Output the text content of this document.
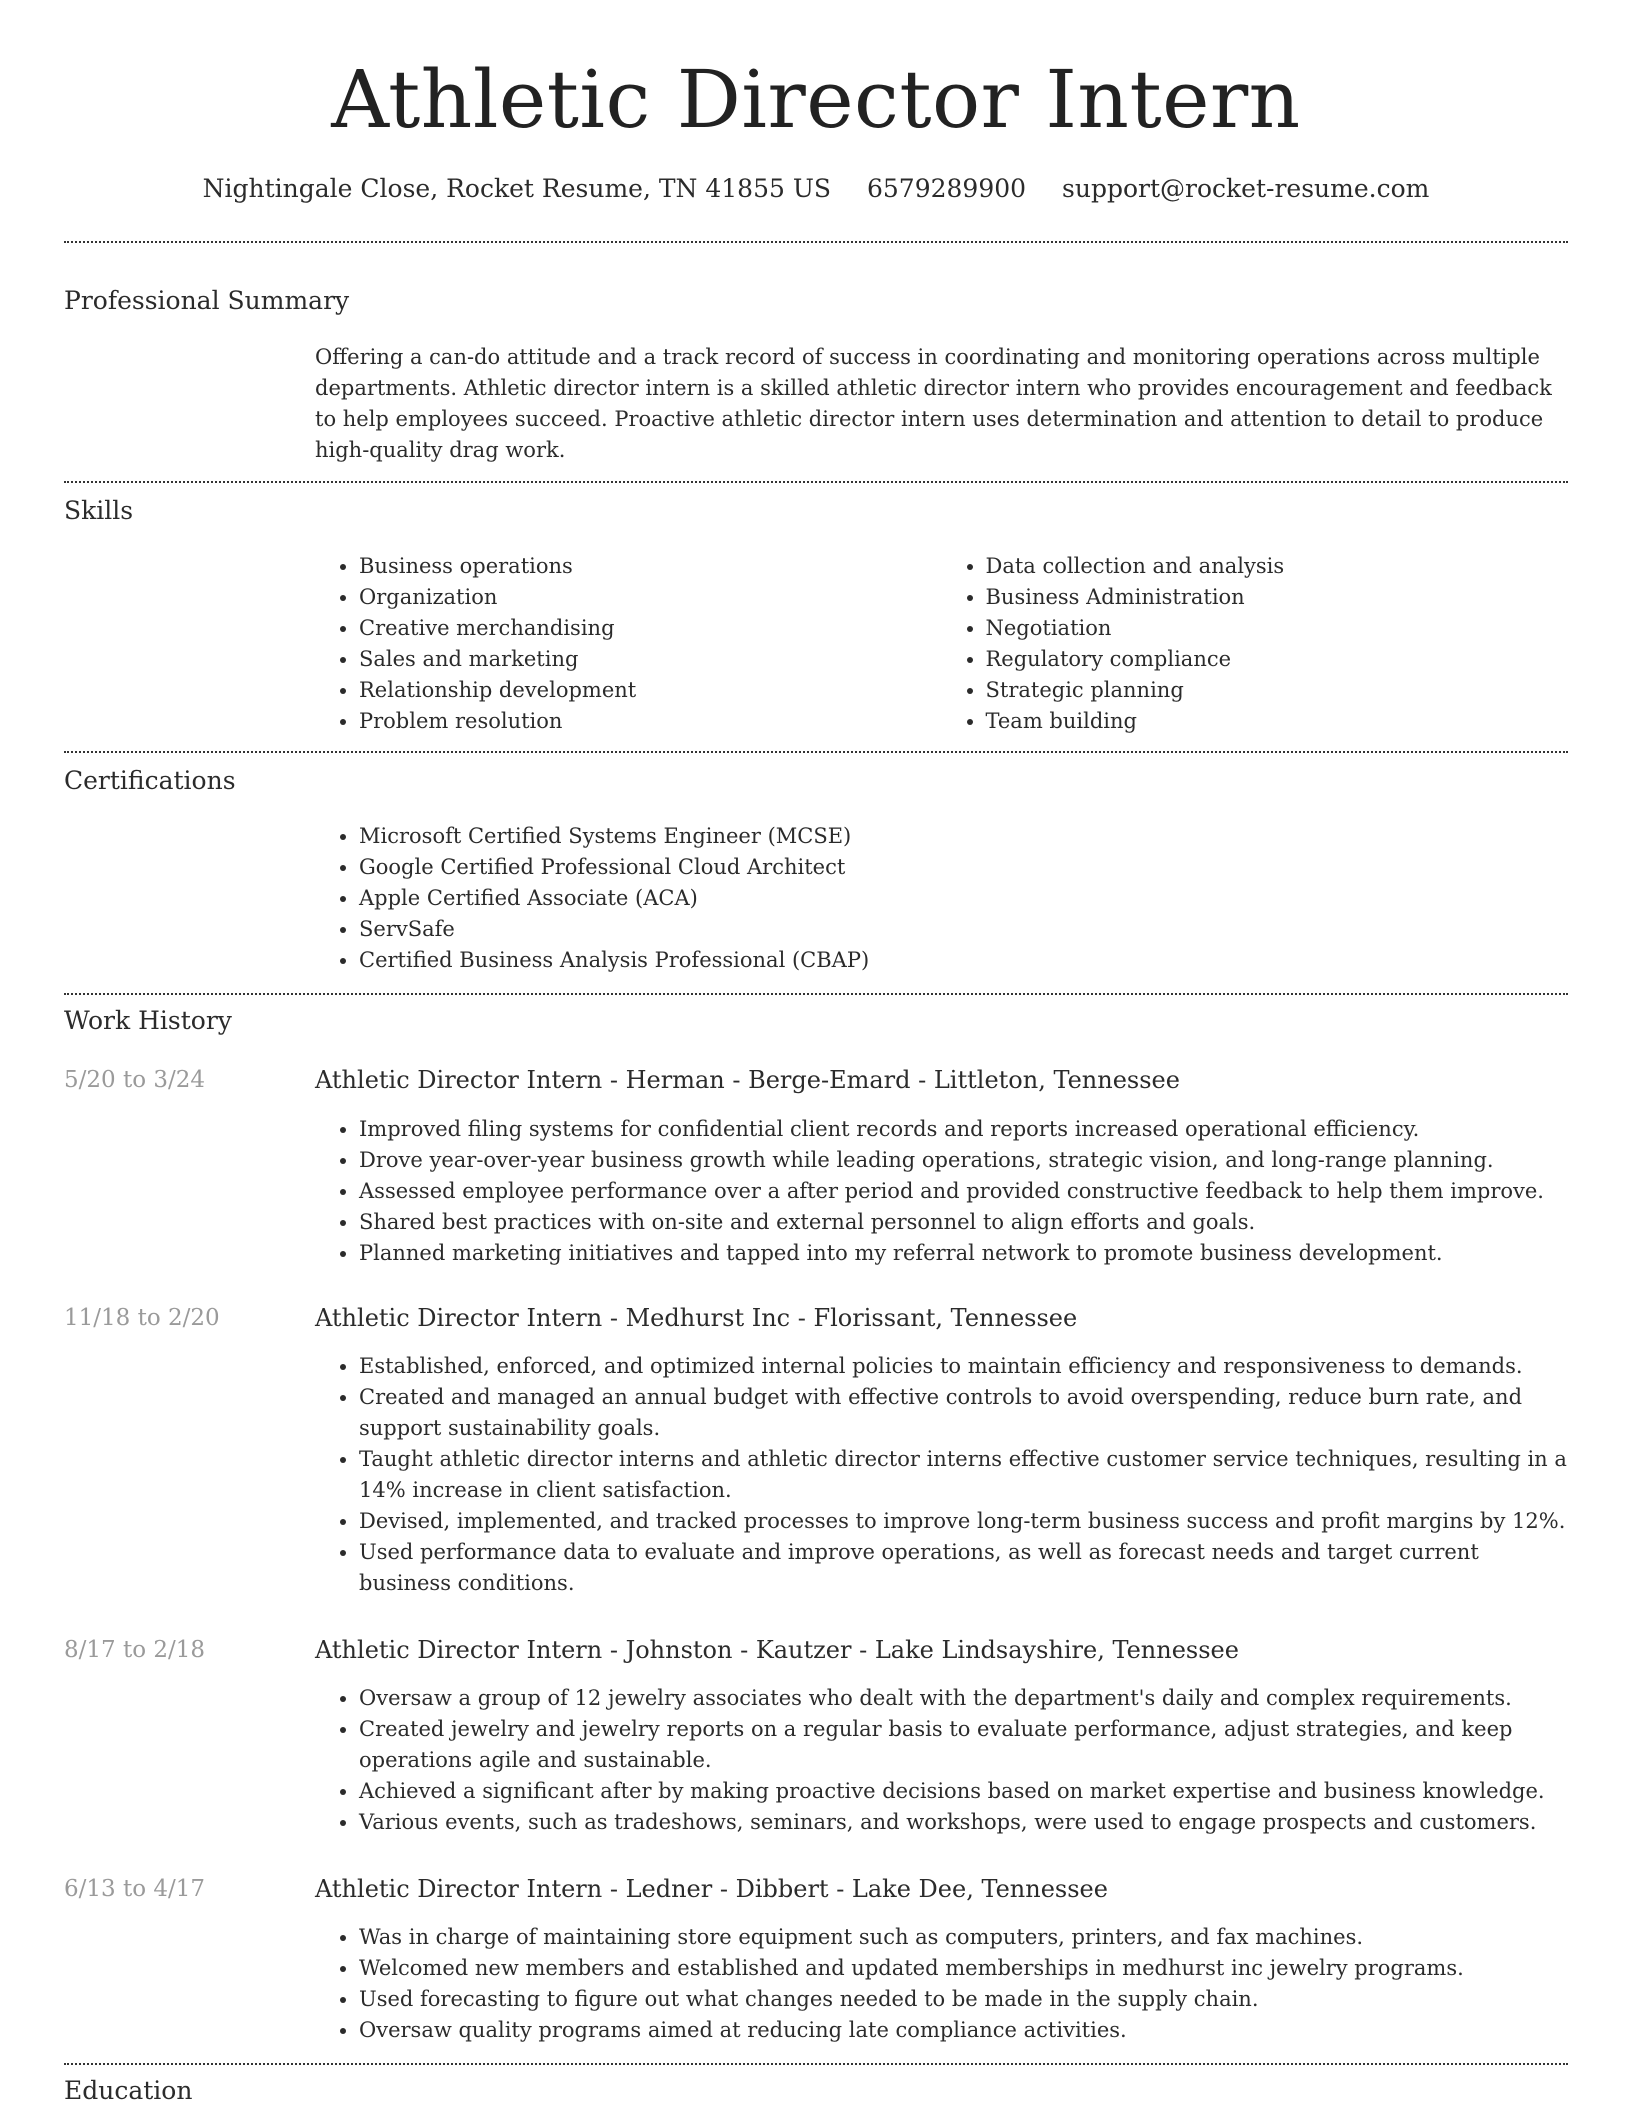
Athletic Director Intern
Nightingale Close, Rocket Resume, TN 41855 US 6579289900 support@rocket-resume.com
Professional Summary

Offering a can-do attitude and a track record of success in coordinating and monitoring operations across multiple departments. Athletic director intern is a skilled athletic director intern who provides encouragement and feedback to help employees succeed. Proactive athletic director intern uses determination and attention to detail to produce high-quality drag work.

Skills
• Business operations
• Organization
• Creative merchandising
• Sales and marketing
• Relationship development
• Problem resolution
• Data collection and analysis
• Business Administration
• Negotiation
• Regulatory compliance
• Strategic planning
• Team building
Certifications
• Microsoft Certified Systems Engineer (MCSE)
• Google Certified Professional Cloud Architect
• Apple Certified Associate (ACA)
• ServSafe
• Certified Business Analysis Professional (CBAP)
Work History
5/20 to 3/24	Athletic Director Intern - Herman - Berge-Emard - Littleton, Tennessee
• Improved filing systems for confidential client records and reports increased operational efficiency.
• Drove year-over-year business growth while leading operations, strategic vision, and long-range planning.
• Assessed employee performance over a after period and provided constructive feedback to help them improve.
• Shared best practices with on-site and external personnel to align efforts and goals.
• Planned marketing initiatives and tapped into my referral network to promote business development.
11/18 to 2/20	Athletic Director Intern - Medhurst Inc - Florissant, Tennessee
• Established, enforced, and optimized internal policies to maintain efficiency and responsiveness to demands.
• Created and managed an annual budget with effective controls to avoid overspending, reduce burn rate, and support sustainability goals.
• Taught athletic director interns and athletic director interns effective customer service techniques, resulting in a 14% increase in client satisfaction.
• Devised, implemented, and tracked processes to improve long-term business success and profit margins by 12%.
• Used performance data to evaluate and improve operations, as well as forecast needs and target current business conditions.
8/17 to 2/18	Athletic Director Intern - Johnston - Kautzer - Lake Lindsayshire, Tennessee
• Oversaw a group of 12 jewelry associates who dealt with the department's daily and complex requirements.
• Created jewelry and jewelry reports on a regular basis to evaluate performance, adjust strategies, and keep operations agile and sustainable.
• Achieved a significant after by making proactive decisions based on market expertise and business knowledge.
• Various events, such as tradeshows, seminars, and workshops, were used to engage prospects and customers.
6/13 to 4/17	Athletic Director Intern - Ledner - Dibbert - Lake Dee, Tennessee
• Was in charge of maintaining store equipment such as computers, printers, and fax machines.
• Welcomed new members and established and updated memberships in medhurst inc jewelry programs.
• Used forecasting to figure out what changes needed to be made in the supply chain.
• Oversaw quality programs aimed at reducing late compliance activities.
Education
